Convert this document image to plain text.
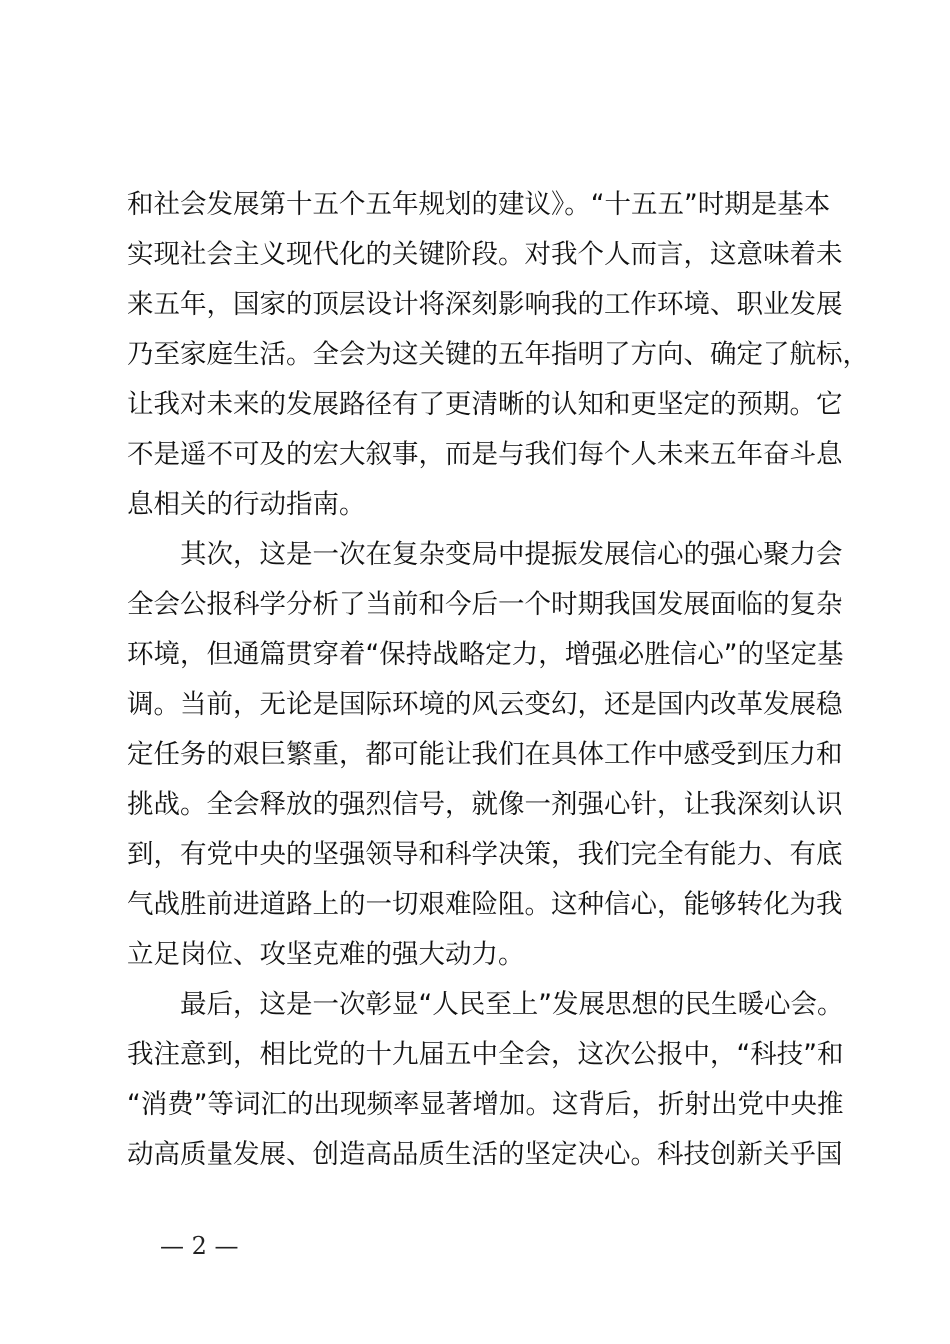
和社会发展第十五个五年规划的建议》。“十五五”时期是基本
实现社会主义现代化的关键阶段。对我个人而言，这意味着未
来五年，国家的顶层设计将深刻影响我的工作环境、职业发展
乃至家庭生活。全会为这关键的五年指明了方向、确定了航标，
让我对未来的发展路径有了更清晰的认知和更坚定的预期。它
不是遥不可及的宏大叙事，而是与我们每个人未来五年奋斗息
息相关的行动指南。
　　其次，这是一次在复杂变局中提振发展信心的强心聚力会
全会公报科学分析了当前和今后一个时期我国发展面临的复杂
环境，但通篇贯穿着“保持战略定力，增强必胜信心”的坚定基
调。当前，无论是国际环境的风云变幻，还是国内改革发展稳
定任务的艰巨繁重，都可能让我们在具体工作中感受到压力和
挑战。全会释放的强烈信号，就像一剂强心针，让我深刻认识
到，有党中央的坚强领导和科学决策，我们完全有能力、有底
气战胜前进道路上的一切艰难险阻。这种信心，能够转化为我
立足岗位、攻坚克难的强大动力。
　　最后，这是一次彰显“人民至上”发展思想的民生暖心会。
我注意到，相比党的十九届五中全会，这次公报中，“科技”和
“消费”等词汇的出现频率显著增加。这背后，折射出党中央推
动高质量发展、创造高品质生活的坚定决心。科技创新关乎国
— 2 —
